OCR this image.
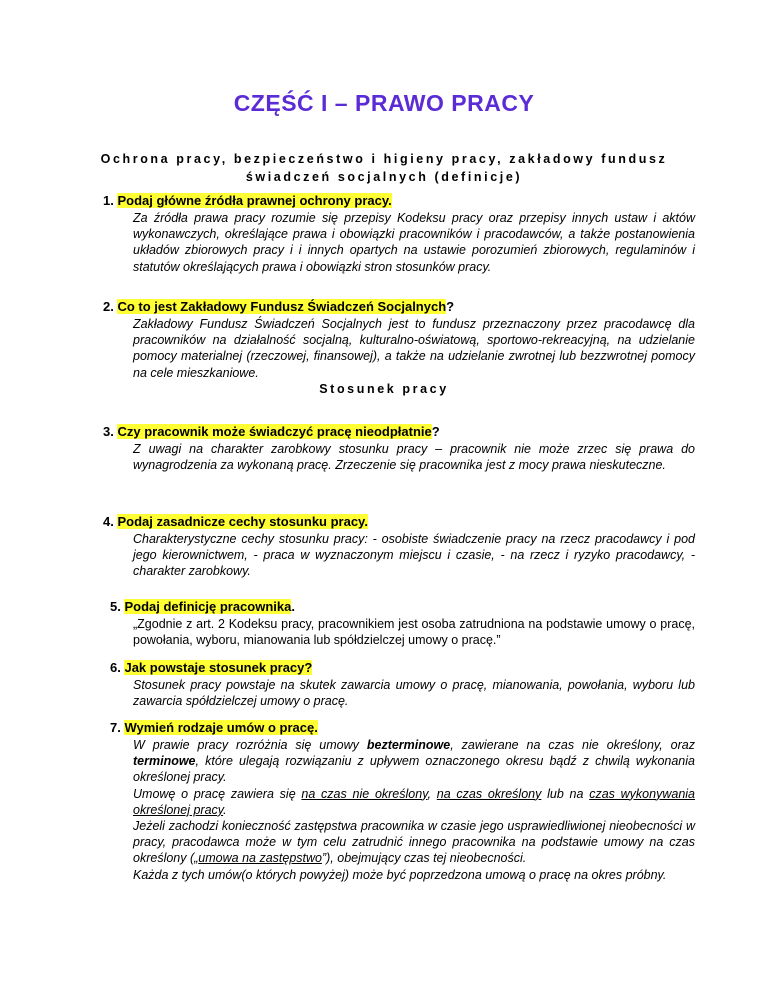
CZĘŚĆ I – PRAWO PRACY
Ochrona pracy, bezpieczeństwo i higieny pracy, zakładowy fundusz
świadczeń socjalnych (definicje)
1. Podaj główne źródła prawnej ochrony pracy.
Za źródła prawa pracy rozumie się przepisy Kodeksu pracy oraz przepisy innych ustaw i aktów wykonawczych, określające prawa i obowiązki pracowników i pracodawców, a także postanowienia układów zbiorowych pracy i i innych opartych na ustawie porozumień zbiorowych, regulaminów i statutów określających prawa i obowiązki stron stosunków pracy.
2. Co to jest Zakładowy Fundusz Świadczeń Socjalnych?
Zakładowy Fundusz Świadczeń Socjalnych jest to fundusz przeznaczony przez pracodawcę dla pracowników na działalność socjalną, kulturalno-oświatową, sportowo-rekreacyjną, na udzielanie pomocy materialnej (rzeczowej, finansowej), a także na udzielanie zwrotnej lub bezzwrotnej pomocy na cele mieszkaniowe.
Stosunek pracy
3. Czy pracownik może świadczyć pracę nieodpłatnie?
Z uwagi na charakter zarobkowy stosunku pracy – pracownik nie może zrzec się prawa do wynagrodzenia za wykonaną pracę. Zrzeczenie się pracownika jest z mocy prawa nieskuteczne.
4. Podaj zasadnicze cechy stosunku pracy.
Charakterystyczne cechy stosunku pracy: - osobiste świadczenie pracy na rzecz pracodawcy i pod jego kierownictwem, - praca w wyznaczonym miejscu i czasie, - na rzecz i ryzyko pracodawcy, - charakter zarobkowy.
5. Podaj definicję pracownika.
„Zgodnie z art. 2 Kodeksu pracy, pracownikiem jest osoba zatrudniona na podstawie umowy o pracę, powołania, wyboru, mianowania lub spółdzielczej umowy o pracę.”
6. Jak powstaje stosunek pracy?
Stosunek pracy powstaje na skutek zawarcia umowy o pracę, mianowania, powołania, wyboru lub zawarcia spółdzielczej umowy o pracę.
7. Wymień rodzaje umów o pracę.

W prawie pracy rozróżnia się umowy bezterminowe, zawierane na czas nie określony, oraz terminowe, które ulegają rozwiązaniu z upływem oznaczonego okresu bądź z chwilą wykonania określonej pracy.

Umowę o pracę zawiera się na czas nie określony, na czas określony lub na czas wykonywania określonej pracy.

Jeżeli zachodzi konieczność zastępstwa pracownika w czasie jego usprawiedliwionej nieobecności w pracy, pracodawca może w tym celu zatrudnić innego pracownika na podstawie umowy na czas określony („umowa na zastępstwo”), obejmujący czas tej nieobecności.

Każda z tych umów(o których powyżej) może być poprzedzona umową o pracę na okres próbny.
